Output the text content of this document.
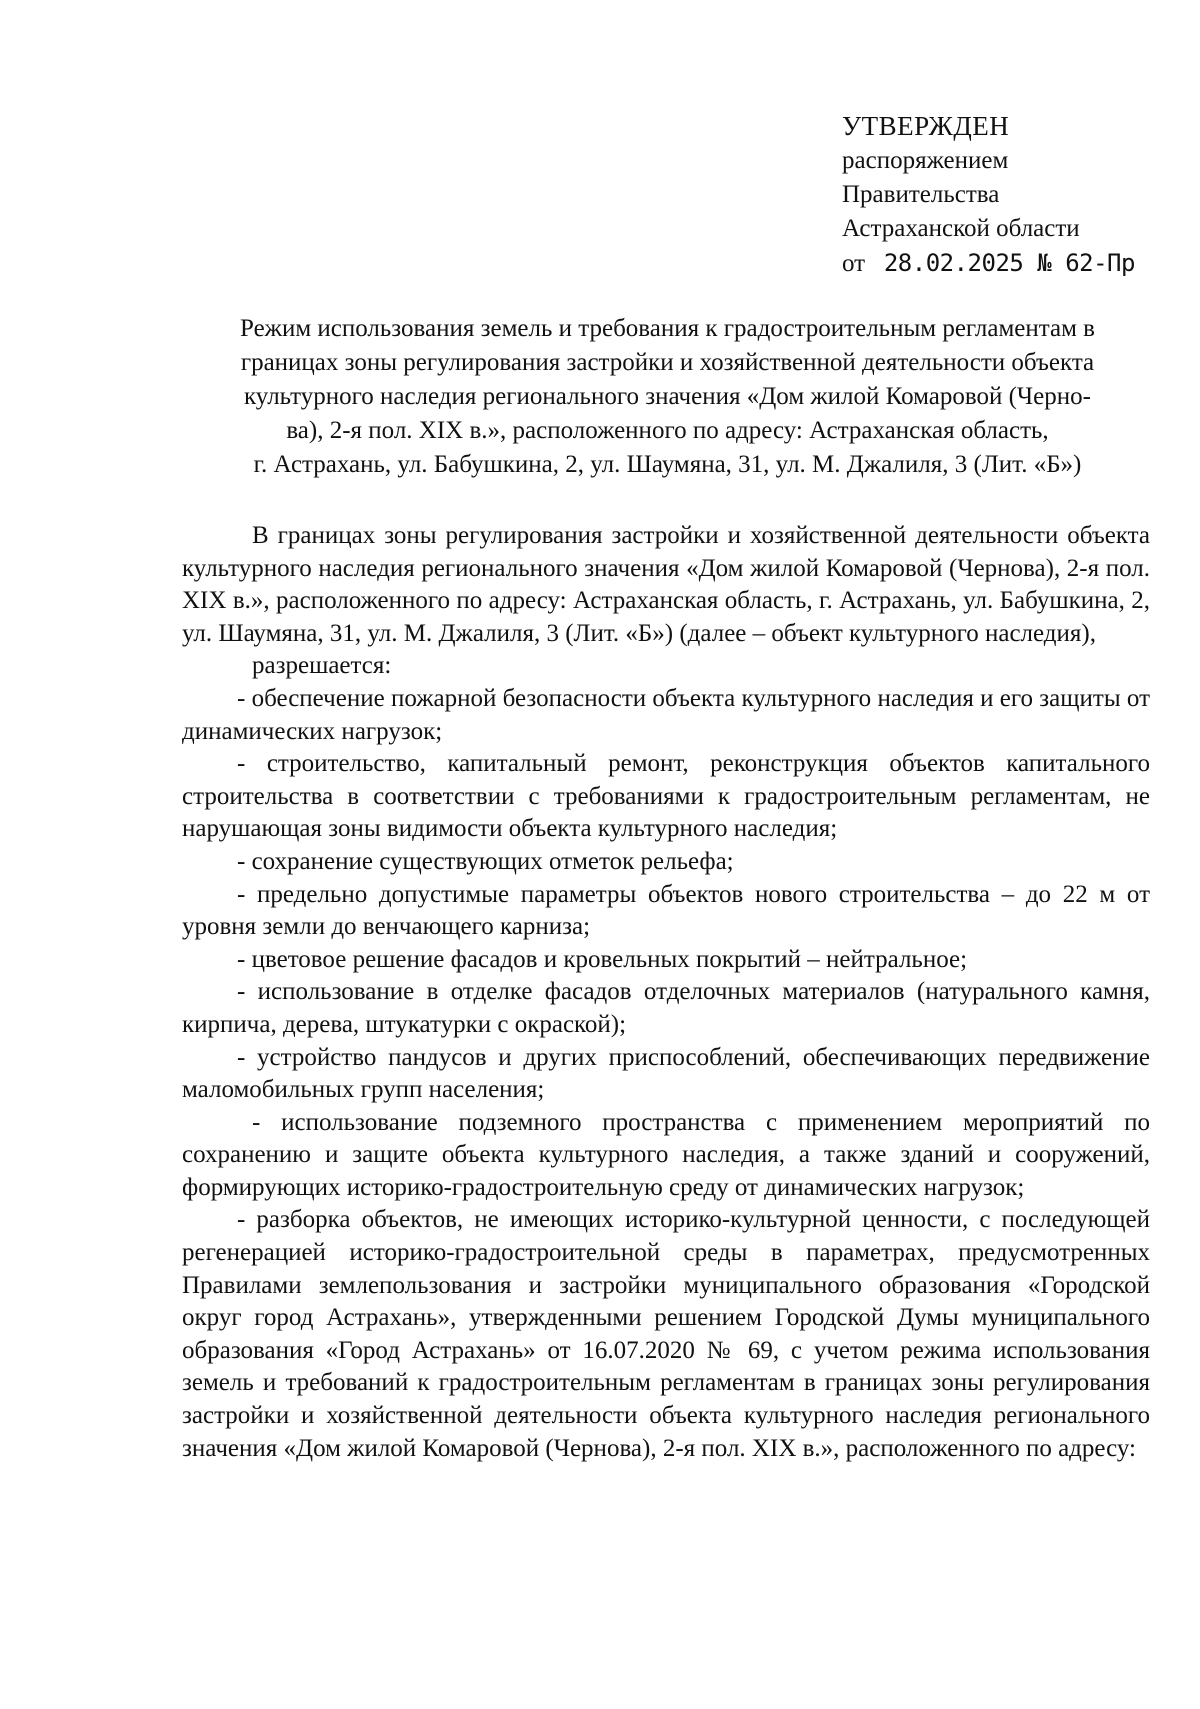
УТВЕРЖДЕН
распоряжением
Правительства
Астраханской области
от 28.02.2025 № 62-Пр
Режим использования земель и требования к градостроительным регламентам в
границах зоны регулирования застройки и хозяйственной деятельности объекта
культурного наследия регионального значения «Дом жилой Комаровой (Черно-
ва), 2-я пол. XIX в.», расположенного по адресу: Астраханская область,
г. Астрахань, ул. Бабушкина, 2, ул. Шаумяна, 31, ул. М. Джалиля, 3 (Лит. «Б»)

В границах зоны регулирования застройки и хозяйственной деятельности объекта культурного наследия регионального значения «Дом жилой Комаровой (Чернова), 2-я пол. XIX в.», расположенного по адресу: Астраханская область, г. Астрахань, ул. Бабушкина, 2, ул. Шаумяна, 31, ул. М. Джалиля, 3 (Лит. «Б») (далее – объект культурного наследия),

разрешается:

- обеспечение пожарной безопасности объекта культурного наследия и его защиты от динамических нагрузок;

- строительство, капитальный ремонт, реконструкция объектов капитального строительства в соответствии с требованиями к градостроительным регламентам, не нарушающая зоны видимости объекта культурного наследия;

- сохранение существующих отметок рельефа;

- предельно допустимые параметры объектов нового строительства – до 22 м от уровня земли до венчающего карниза;

- цветовое решение фасадов и кровельных покрытий – нейтральное;

- использование в отделке фасадов отделочных материалов (натурального камня, кирпича, дерева, штукатурки с окраской);

- устройство пандусов и других приспособлений, обеспечивающих передвижение маломобильных групп населения;

- использование подземного пространства с применением мероприятий по сохранению и защите объекта культурного наследия, а также зданий и сооружений, формирующих историко-градостроительную среду от динамических нагрузок;

- разборка объектов, не имеющих историко-культурной ценности, с последующей регенерацией историко-градостроительной среды в параметрах, предусмотренных Правилами землепользования и застройки муниципального образования «Городской округ город Астрахань», утвержденными решением Городской Думы муниципального образования «Город Астрахань» от 16.07.2020 № 69, с учетом режима использования земель и требований к градостроительным регламентам в границах зоны регулирования застройки и хозяйственной деятельности объекта культурного наследия регионального значения «Дом жилой Комаровой (Чернова), 2-я пол. XIX в.», расположенного по адресу:
